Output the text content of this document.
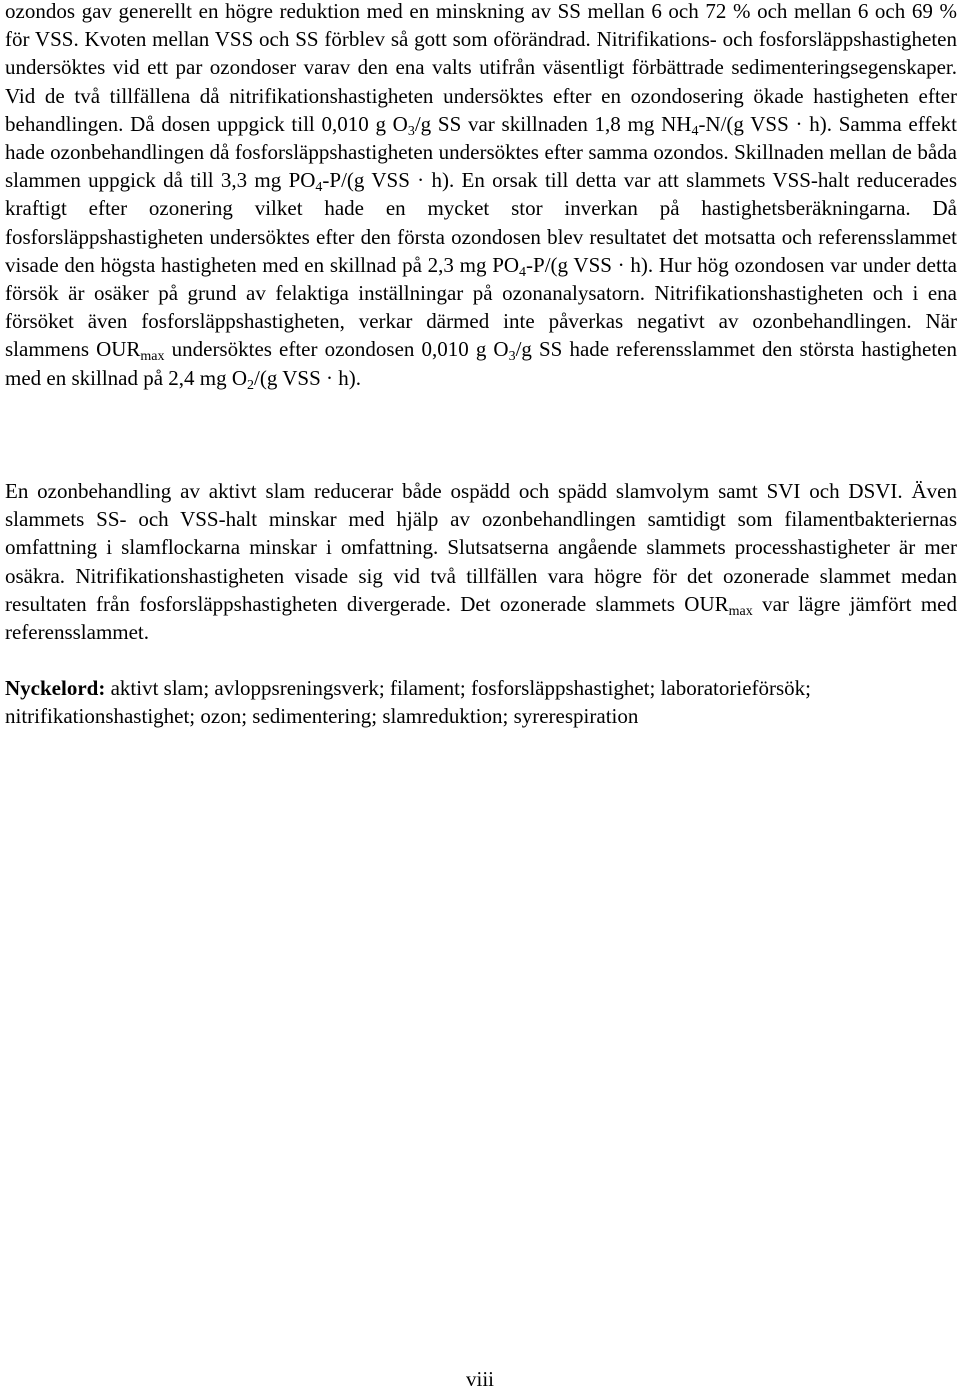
ozondos gav generellt en högre reduktion med en minskning av SS mellan 6 och 72 % och mellan 6 och 69 % för VSS. Kvoten mellan VSS och SS förblev så gott som oförändrad. Nitrifikations- och fosforsläppshastigheten undersöktes vid ett par ozondoser varav den ena valts utifrån väsentligt förbättrade sedimenteringsegenskaper. Vid de två tillfällena då nitrifikationshastigheten undersöktes efter en ozondosering ökade hastigheten efter behandlingen. Då dosen uppgick till 0,010 g $O_3/g$ SS var skillnaden 1,8 mg $NH_4-N/(g$ VSS · h). Samma effekt hade ozonbehandlingen då fosforsläppshastigheten undersöktes efter samma ozondos. Skillnaden mellan de båda slammen uppgick då till 3,3 mg $PO_4-P/(g$ VSS · h). En orsak till detta var att slammets VSS-halt reducerades kraftigt efter ozonering vilket hade en mycket stor inverkan på hastighetsberäkningarna. Då fosforsläppshastigheten undersöktes efter den första ozondosen blev resultatet det motsatta och referensslammet visade den högsta hastigheten med en skillnad på 2,3 mg $PO_4-P/(g$ VSS · h). Hur hög ozondosen var under detta försök är osäker på grund av felaktiga inställningar på ozonanalysatorn. Nitrifikationshastigheten och i ena försöket även fosforsläppshastigheten, verkar därmed inte påverkas negativt av ozonbehandlingen. När slammens $OUR_{max}$ undersöktes efter ozondosen 0,010 g $O_3/g$ SS hade referensslammet den största hastigheten med en skillnad på 2,4 mg $O_2/(g$ VSS · h).

En ozonbehandling av aktivt slam reducerar både ospädd och spädd slamvolym samt SVI och DSVI. Även slammets SS- och VSS-halt minskar med hjälp av ozonbehandlingen samtidigt som filamentbakteriernas omfattning i slamflockarna minskar i omfattning. Slutsatserna angående slammets processhastigheter är mer osäkra. Nitrifikationshastigheten visade sig vid två tillfällen vara högre för det ozonerade slammet medan resultaten från fosforsläppshastigheten divergerade. Det ozonerade slammets $OUR_{max}$ var lägre jämfört med referensslammet.

Nyckelord: aktivt slam; avloppsreningsverk; filament; fosforsläppshastighet; laboratorieförsök; nitrifikationshastighet; ozon; sedimentering; slamreduktion; syrerespiration

viii
